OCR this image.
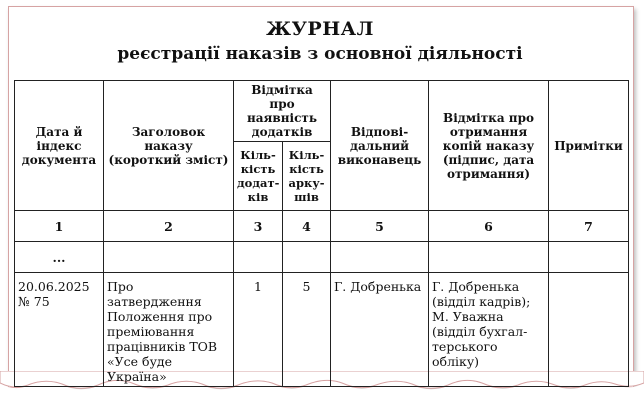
ЖУРНАЛ
реєстрації наказів з основної діяльності
Дата й індекс документа	Заголовок наказу (короткий зміст)	Відмітка про наявність додатків		Відпові-дальний виконавець	Відмітка про отримання копій наказу (підпис, дата отримання)	Примітки
		Кіль-кість додат-ків	Кіль-кість арку-шів			
1	2	3	4	5	6	7
...						
20.06.2025 № 75	Про затвердження Положення про преміювання працівників ТОВ «Усе буде Україна»	1	5	Г. Добренька	Г. Добренька (відділ кадрів); М. Уважна (відділ бухгал-терського обліку)	
